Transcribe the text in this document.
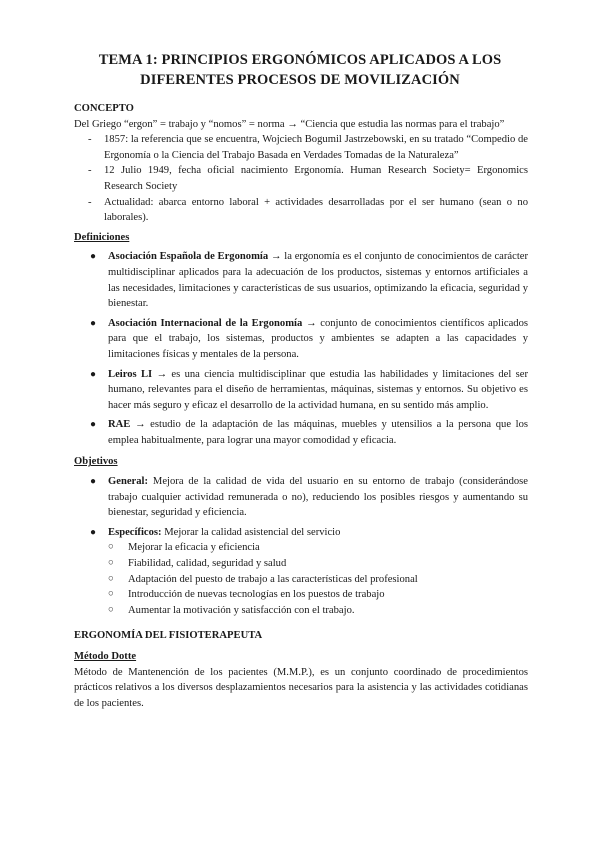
TEMA 1: PRINCIPIOS ERGONÓMICOS APLICADOS A LOS
DIFERENTES PROCESOS DE MOVILIZACIÓN
CONCEPTO
Del Griego “ergon” = trabajo y “nomos” = norma → “Ciencia que estudia las normas para el trabajo”
- 1857: la referencia que se encuentra, Wojciech Bogumil Jastrzebowski, en su tratado “Compedio de Ergonomía o la Ciencia del Trabajo Basada en Verdades Tomadas de la Naturaleza”
- 12 Julio 1949, fecha oficial nacimiento Ergonomía. Human Research Society= Ergonomics Research Society
- Actualidad: abarca entorno laboral + actividades desarrolladas por el ser humano (sean o no laborales).
Definiciones
● Asociación Española de Ergonomía → la ergonomía es el conjunto de conocimientos de carácter multidisciplinar aplicados para la adecuación de los productos, sistemas y entornos artificiales a las necesidades, limitaciones y características de sus usuarios, optimizando la eficacia, seguridad y bienestar.
● Asociación Internacional de la Ergonomía → conjunto de conocimientos científicos aplicados para que el trabajo, los sistemas, productos y ambientes se adapten a las capacidades y limitaciones físicas y mentales de la persona.
● Leiros LI → es una ciencia multidisciplinar que estudia las habilidades y limitaciones del ser humano, relevantes para el diseño de herramientas, máquinas, sistemas y entornos. Su objetivo es hacer más seguro y eficaz el desarrollo de la actividad humana, en su sentido más amplio.
● RAE → estudio de la adaptación de las máquinas, muebles y utensilios a la persona que los emplea habitualmente, para lograr una mayor comodidad y eficacia.
Objetivos
● General: Mejora de la calidad de vida del usuario en su entorno de trabajo (considerándose trabajo cualquier actividad remunerada o no), reduciendo los posibles riesgos y aumentando su bienestar, seguridad y eficiencia.
● Específicos: Mejorar la calidad asistencial del servicio
○ Mejorar la eficacia y eficiencia
○ Fiabilidad, calidad, seguridad y salud
○ Adaptación del puesto de trabajo a las características del profesional
○ Introducción de nuevas tecnologías en los puestos de trabajo
○ Aumentar la motivación y satisfacción con el trabajo.
ERGONOMÍA DEL FISIOTERAPEUTA
Método Dotte
Método de Mantenención de los pacientes (M.M.P.), es un conjunto coordinado de procedimientos prácticos relativos a los diversos desplazamientos necesarios para la asistencia y las actividades cotidianas de los pacientes.
